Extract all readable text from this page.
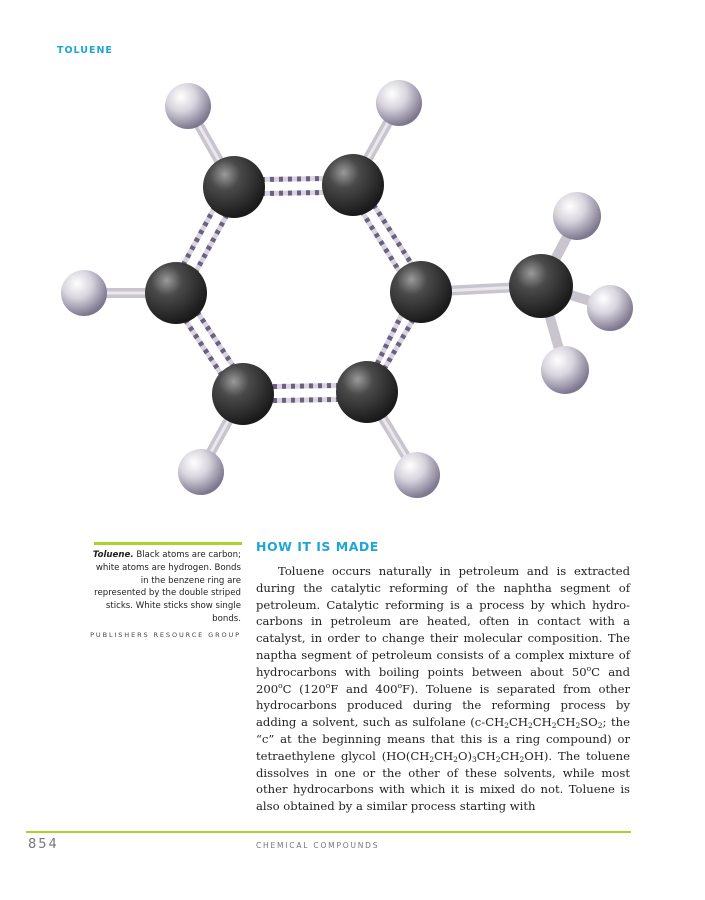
TOLUENE
Toluene. Black atoms are carbon; white atoms are hydrogen. Bonds in the benzene ring are represented by the double striped sticks. White sticks show single bonds.
PUBLISHERS RESOURCE GROUP
HOW IT IS MADE

Toluene occurs naturally in petroleum and is extracted during the catalytic reforming of the naphtha segment of petroleum. Catalytic reforming is a process by which hydro-carbons in petroleum are heated, often in contact with a catalyst, in order to change their molecular composition. The naptha segment of petroleum consists of a complex mixture of hydrocarbons with boiling points between about 50$^o$C and 200$^o$C (120$^o$F and 400$^o$F). Toluene is separated from other hydrocarbons produced during the reforming process by adding a solvent, such as sulfolane ($c-CH_2CH_2CH_2CH_2SO_2$; the “c” at the beginning means that this is a ring compound) or tetraethylene glycol $(HO(CH_2CH_2O)_3CH_2CH_2OH)$. The toluene dissolves in one or the other of these solvents, while most other hydrocarbons with which it is mixed do not. Toluene is also obtained by a similar process starting with

854	CHEMICAL COMPOUNDS
